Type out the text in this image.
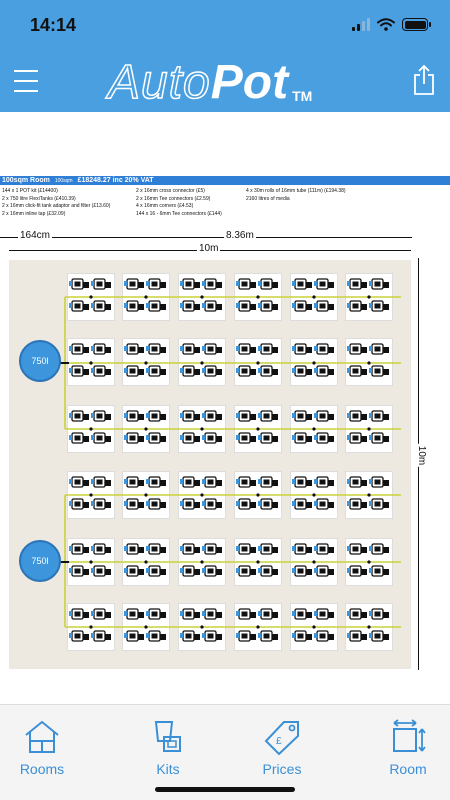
14:14
Auto Pot TM
100sqm Room 100sqm £18248.27 inc 20% VAT
144 x 1 POT kit (£14400)
2 x 750 litre FlexiTanks (£410.39)
2 x 16mm click-fit tank adaptor and filter (£13.60)
2 x 16mm inline tap (£32.09)
2 x 16mm cross connector (£5)
2 x 16mm Tee connectors (£2.59)
4 x 16mm corners (£4.53)
144 x 16 - 6mm Tee connectors (£144)
4 x 30m rolls of 16mm tube (111m) (£194.38)
2160 litres of media
164cm	8.36m
10m
10m
750l
750l
Rooms	Kits
£
Prices	Room
